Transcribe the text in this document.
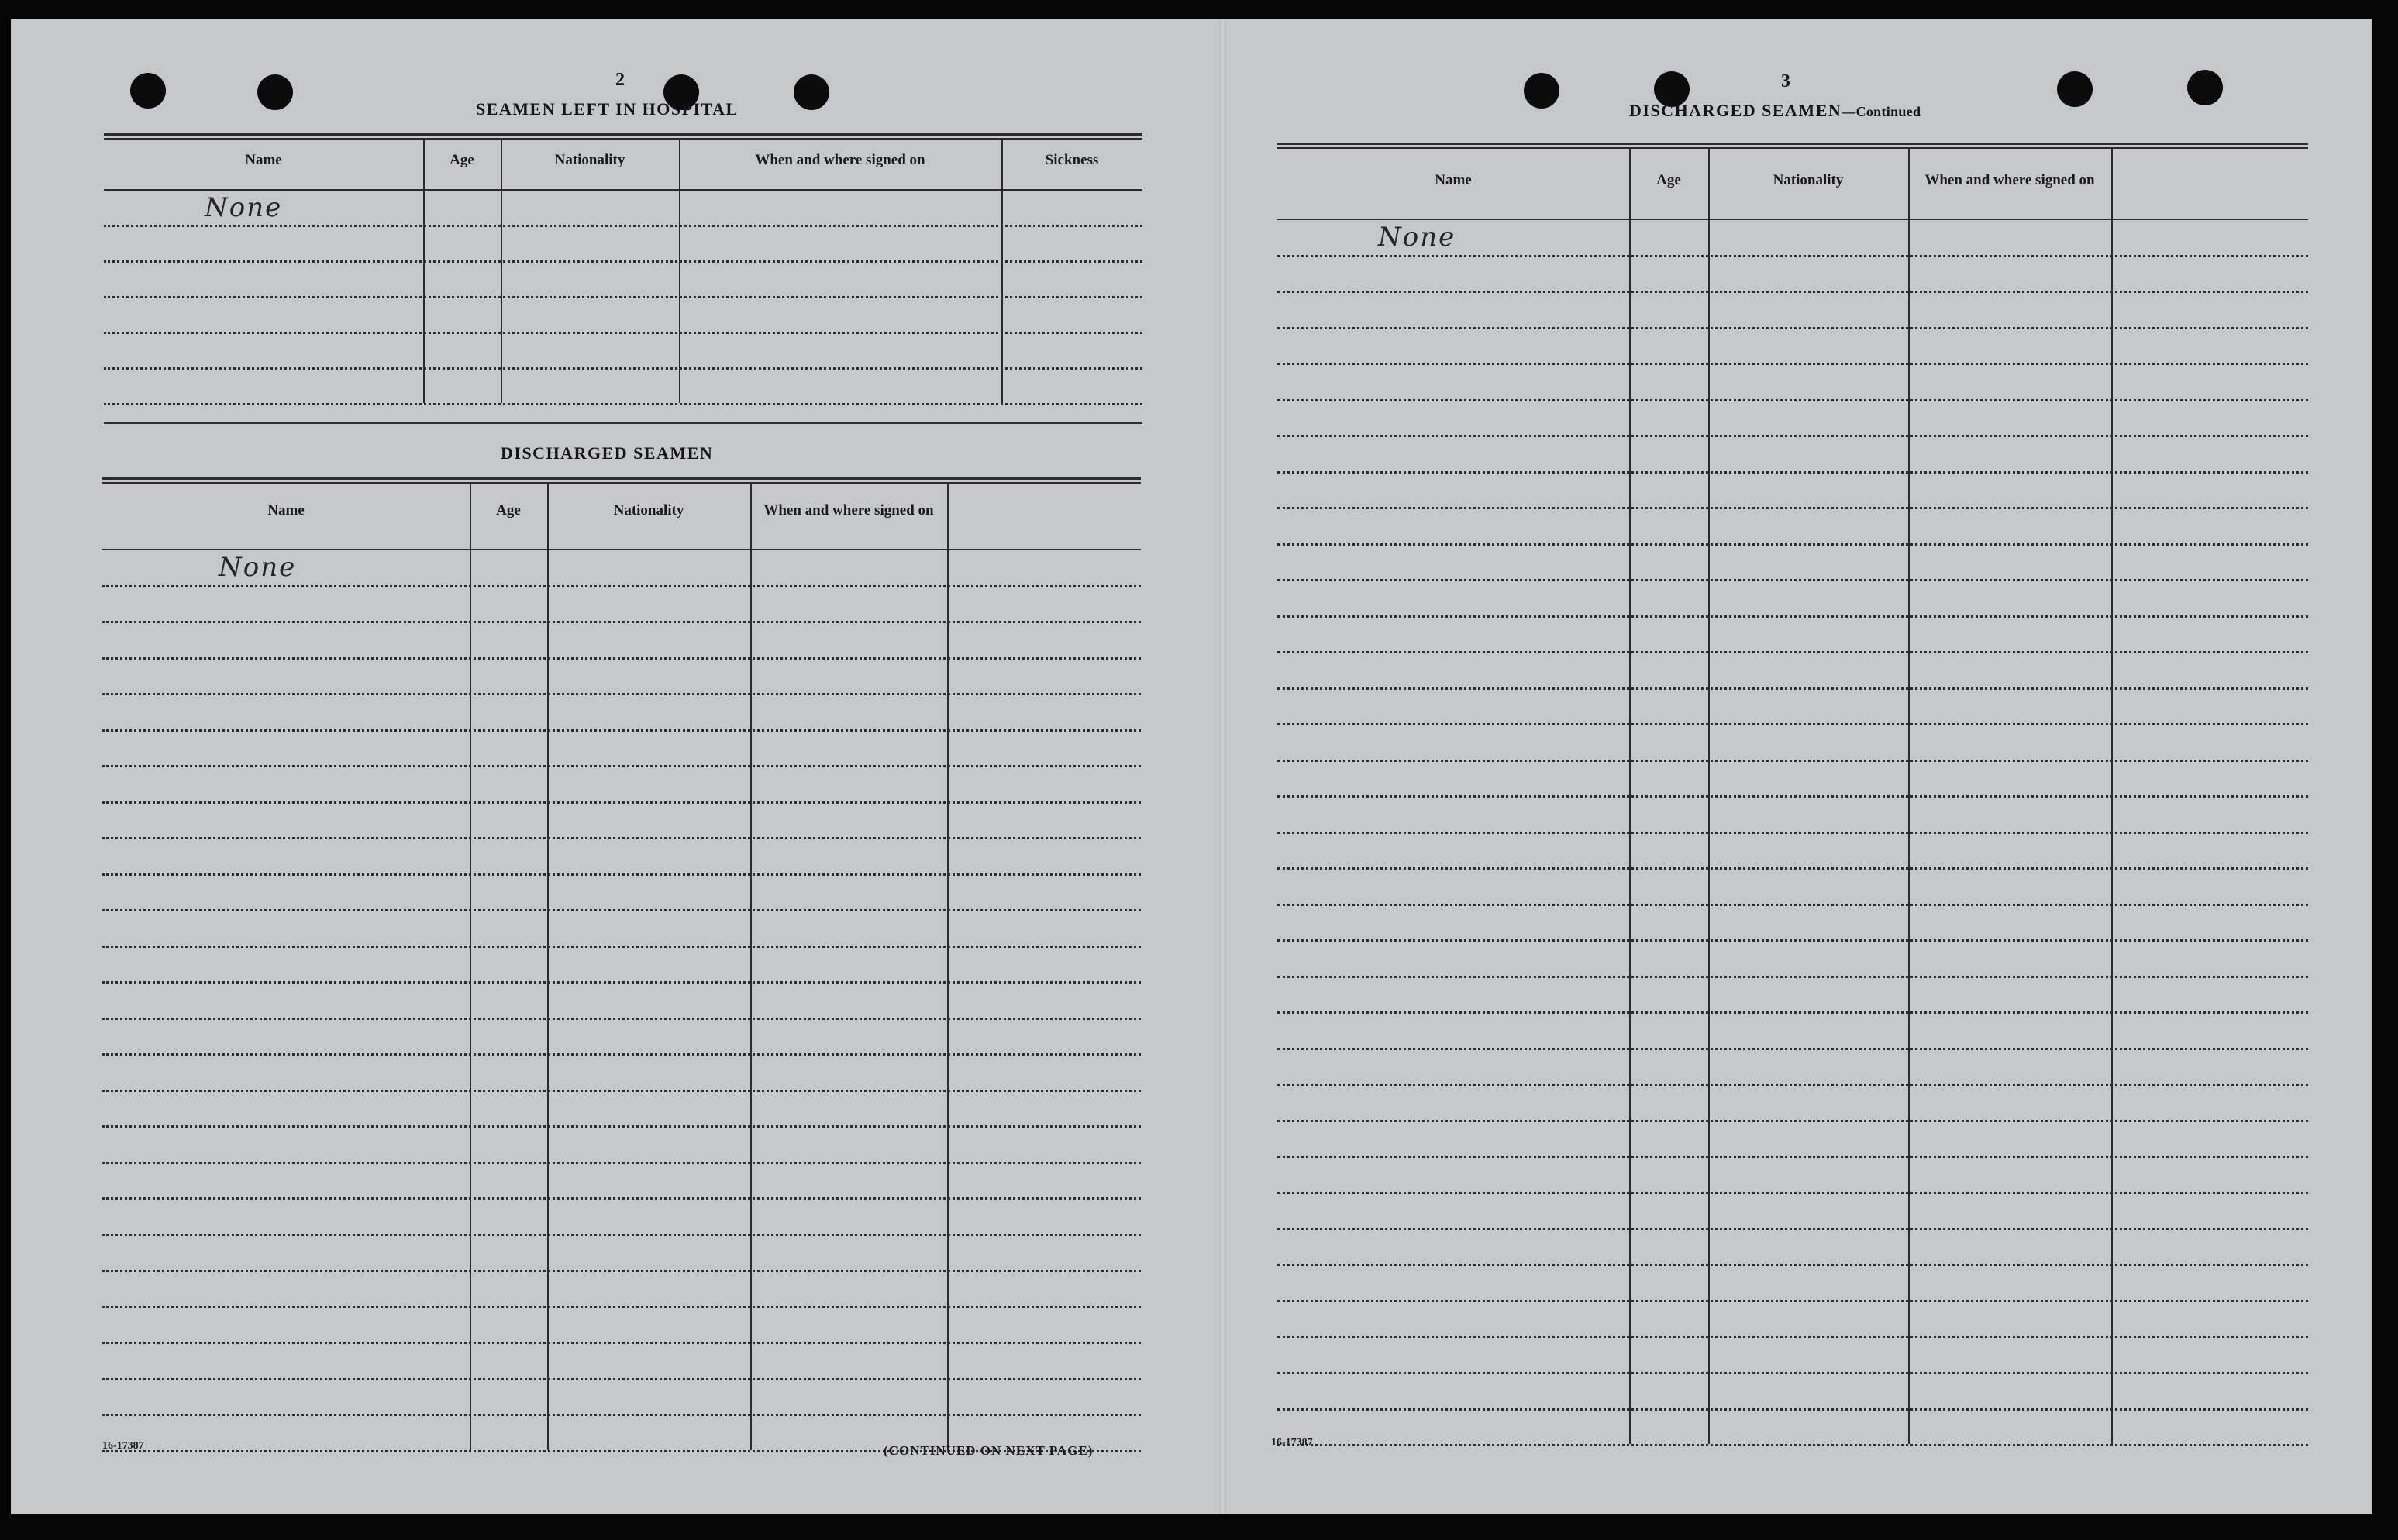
2
SEAMEN LEFT IN HOSPITAL
Name	Age	Nationality	When and where signed on	Sickness
None
DISCHARGED SEAMEN
Name	Age	Nationality	When and where signed on
None
16-17387	(CONTINUED ON NEXT PAGE)
3
DISCHARGED SEAMEN—Continued
Name	Age	Nationality	When and where signed on
None
16-17387
